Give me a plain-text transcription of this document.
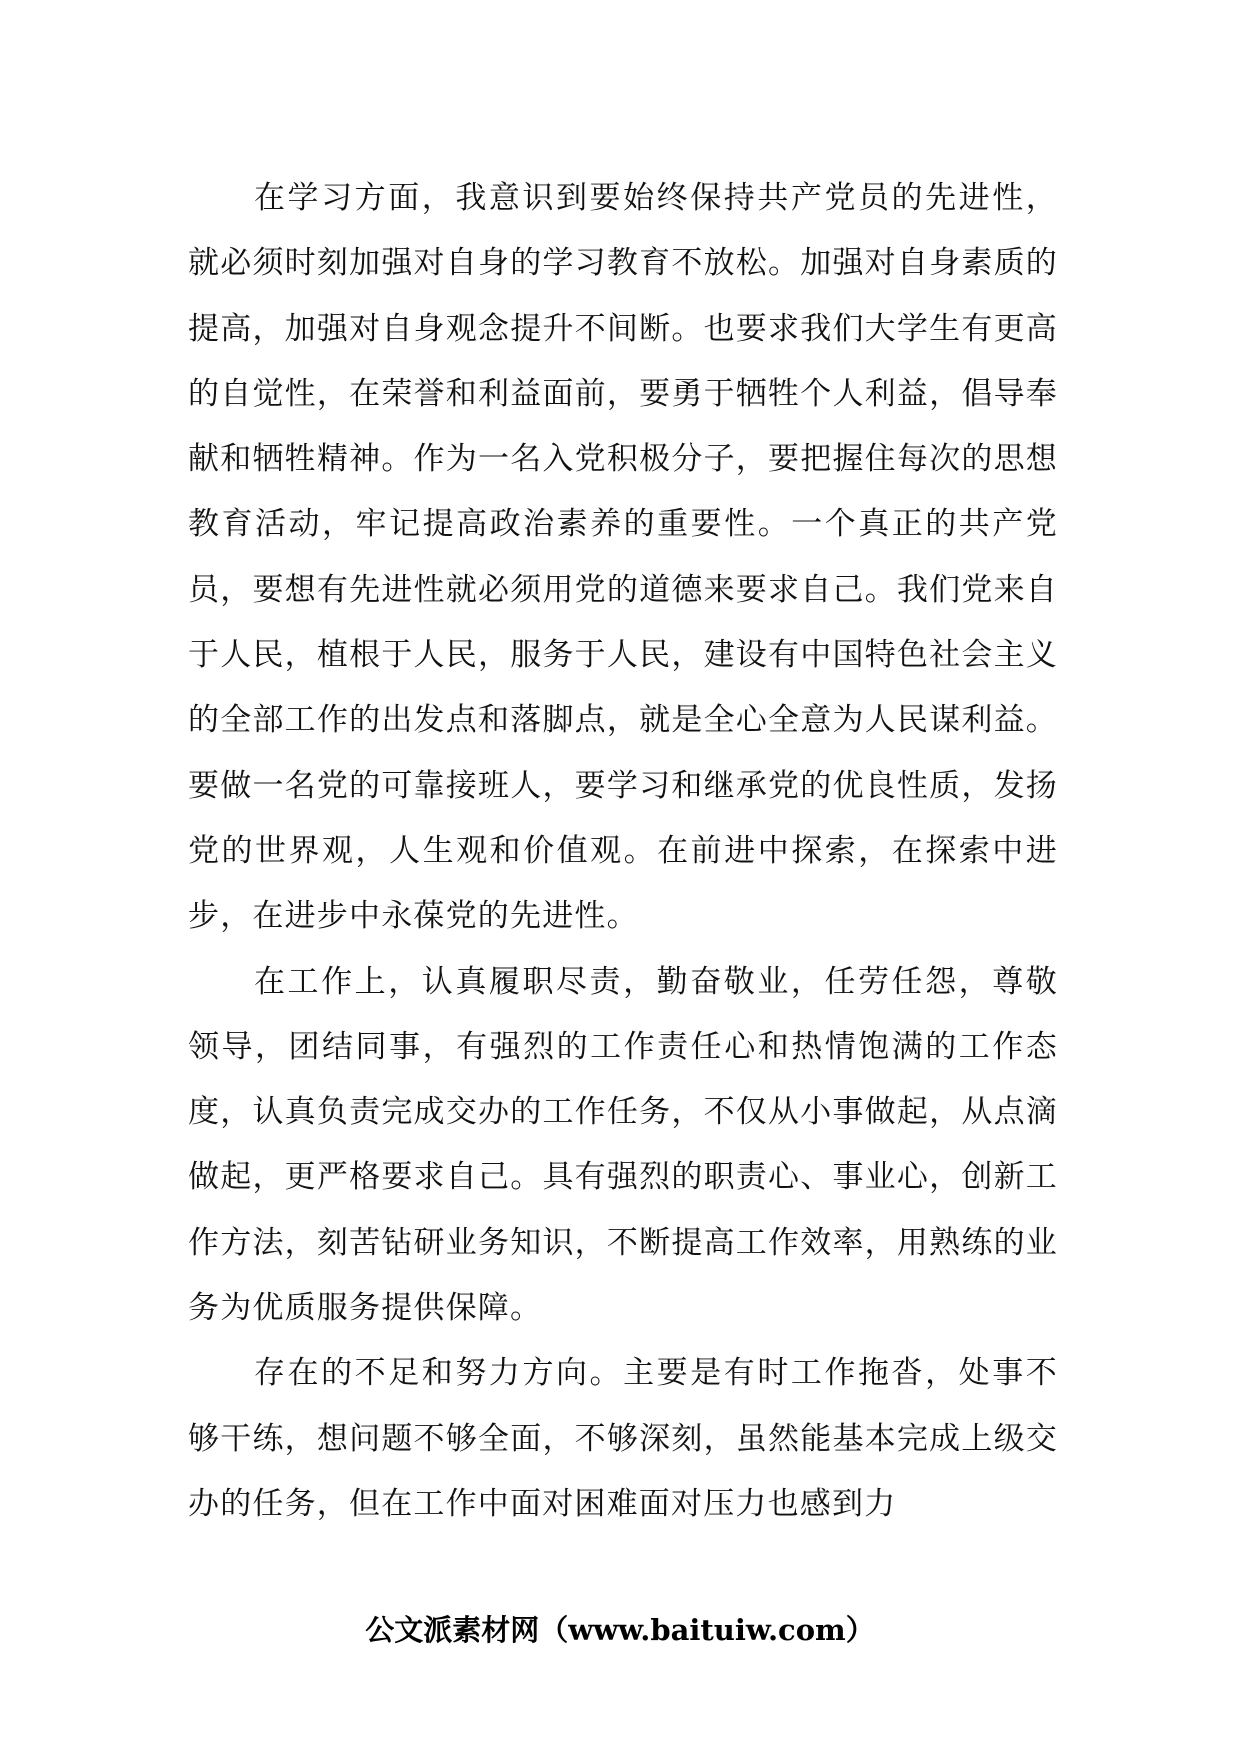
在学习方面，我意识到要始终保持共产党员的先进性，就必须时刻加强对自身的学习教育不放松。加强对自身素质的提高，加强对自身观念提升不间断。也要求我们大学生有更高的自觉性，在荣誉和利益面前，要勇于牺牲个人利益，倡导奉献和牺牲精神。作为一名入党积极分子，要把握住每次的思想教育活动，牢记提高政治素养的重要性。一个真正的共产党员，要想有先进性就必须用党的道德来要求自己。我们党来自于人民，植根于人民，服务于人民，建设有中国特色社会主义的全部工作的出发点和落脚点，就是全心全意为人民谋利益。要做一名党的可靠接班人，要学习和继承党的优良性质，发扬党的世界观，人生观和价值观。在前进中探索，在探索中进步，在进步中永葆党的先进性。

在工作上，认真履职尽责，勤奋敬业，任劳任怨，尊敬领导，团结同事，有强烈的工作责任心和热情饱满的工作态度，认真负责完成交办的工作任务，不仅从小事做起，从点滴做起，更严格要求自己。具有强烈的职责心、事业心，创新工作方法，刻苦钻研业务知识，不断提高工作效率，用熟练的业务为优质服务提供保障。

存在的不足和努力方向。主要是有时工作拖沓，处事不够干练，想问题不够全面，不够深刻，虽然能基本完成上级交办的任务，但在工作中面对困难面对压力也感到力

公文派素材网（www.baituiw.com）
